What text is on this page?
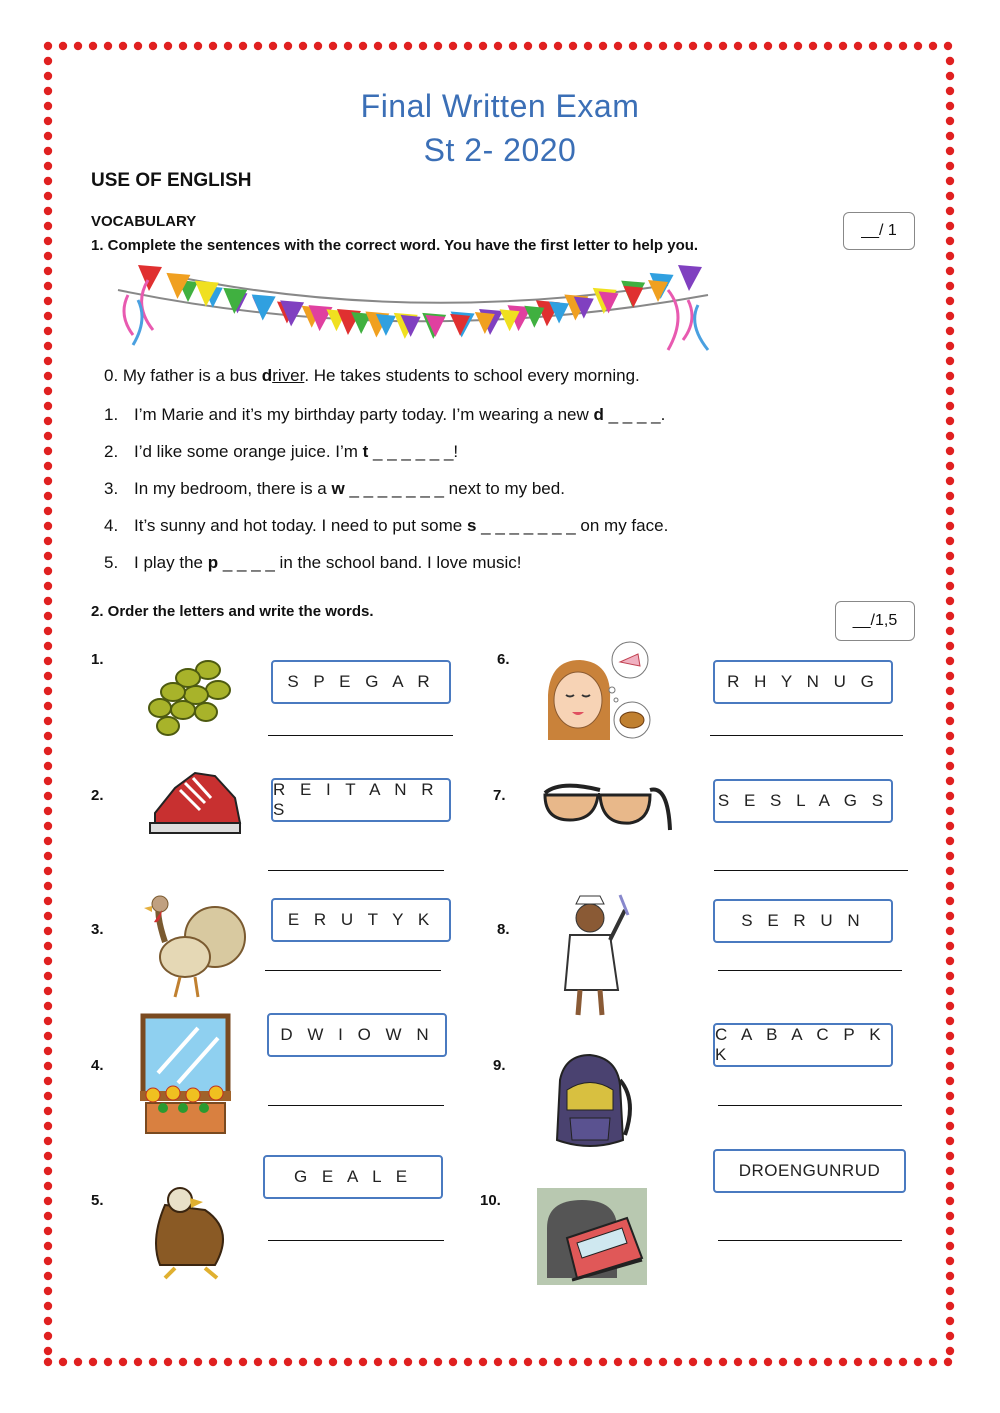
Final Written Exam
St 2- 2020
USE OF ENGLISH
VOCABULARY
1. Complete the sentences with the correct word. You have the first letter to help you.
__/ 1
0. My father is a bus driver. He takes students to school every morning.
1. I’m Marie and it’s my birthday party today. I’m wearing a new d _ _ _ _.
2. I’d like some orange juice. I’m t _ _ _ _ _ _!
3. In my bedroom, there is a w _ _ _ _ _ _ _ next to my bed.
4. It’s sunny and hot today. I need to put some s _ _ _ _ _ _ _ on my face.
5. I play the p _ _ _ _ in the school band. I love music!
2. Order the letters and write the words.
__/1,5
1.
S P E G A R
2.	R E I T A N R S
3.
E R U T Y K
4.
D W I O W N
5.
G E A L E
6.
R H Y N U G
7.	S E S L A G S
8.	S E R U N
9.
C A B A C P K K
10.
DROENGUNRUD
